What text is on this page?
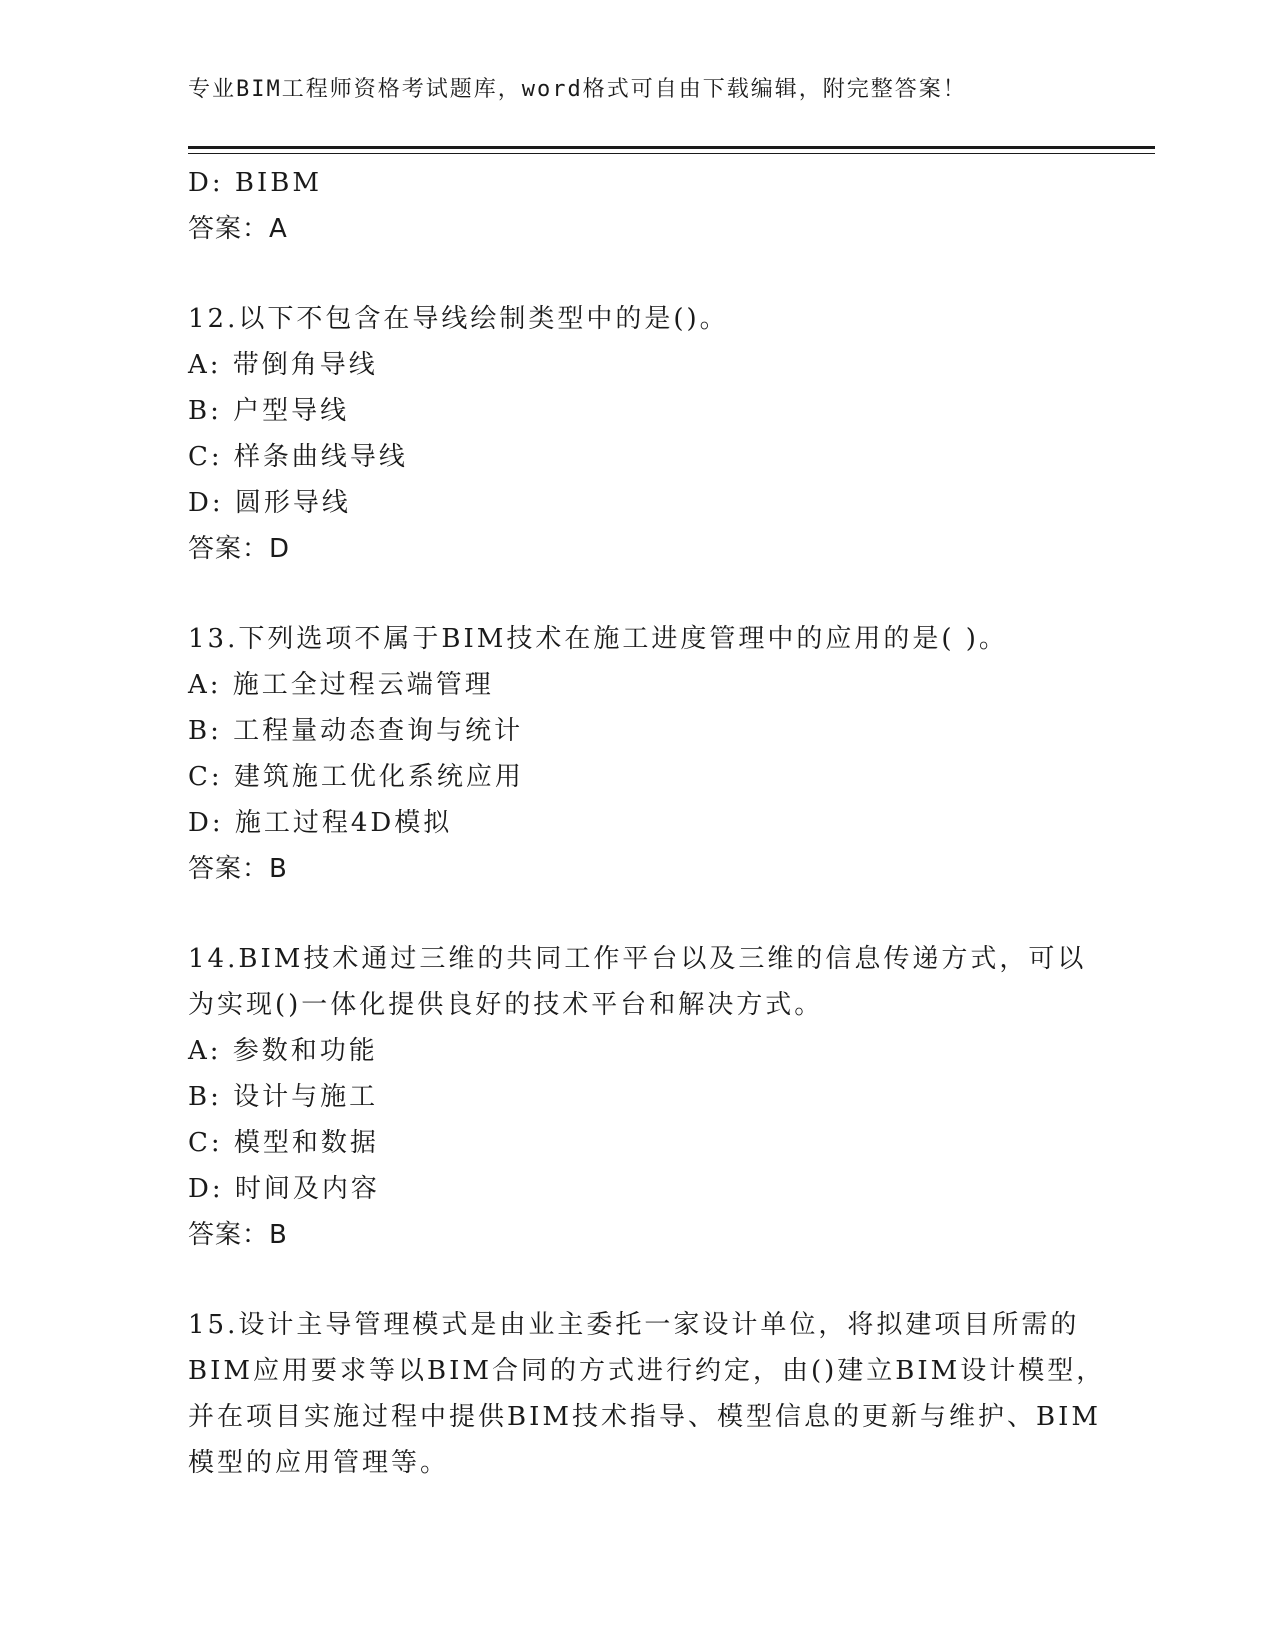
专业BIM工程师资格考试题库，word格式可自由下载编辑，附完整答案！
D: BIBM
答案：A
12.以下不包含在导线绘制类型中的是()。
A: 带倒角导线
B: 户型导线
C: 样条曲线导线
D: 圆形导线
答案：D
13.下列选项不属于BIM技术在施工进度管理中的应用的是( )。
A: 施工全过程云端管理
B: 工程量动态查询与统计
C: 建筑施工优化系统应用
D: 施工过程4D模拟
答案：B
14.BIM技术通过三维的共同工作平台以及三维的信息传递方式，可以
为实现()一体化提供良好的技术平台和解决方式。
A: 参数和功能
B: 设计与施工
C: 模型和数据
D: 时间及内容
答案：B
15.设计主导管理模式是由业主委托一家设计单位，将拟建项目所需的
BIM应用要求等以BIM合同的方式进行约定，由()建立BIM设计模型，
并在项目实施过程中提供BIM技术指导、模型信息的更新与维护、BIM
模型的应用管理等。
